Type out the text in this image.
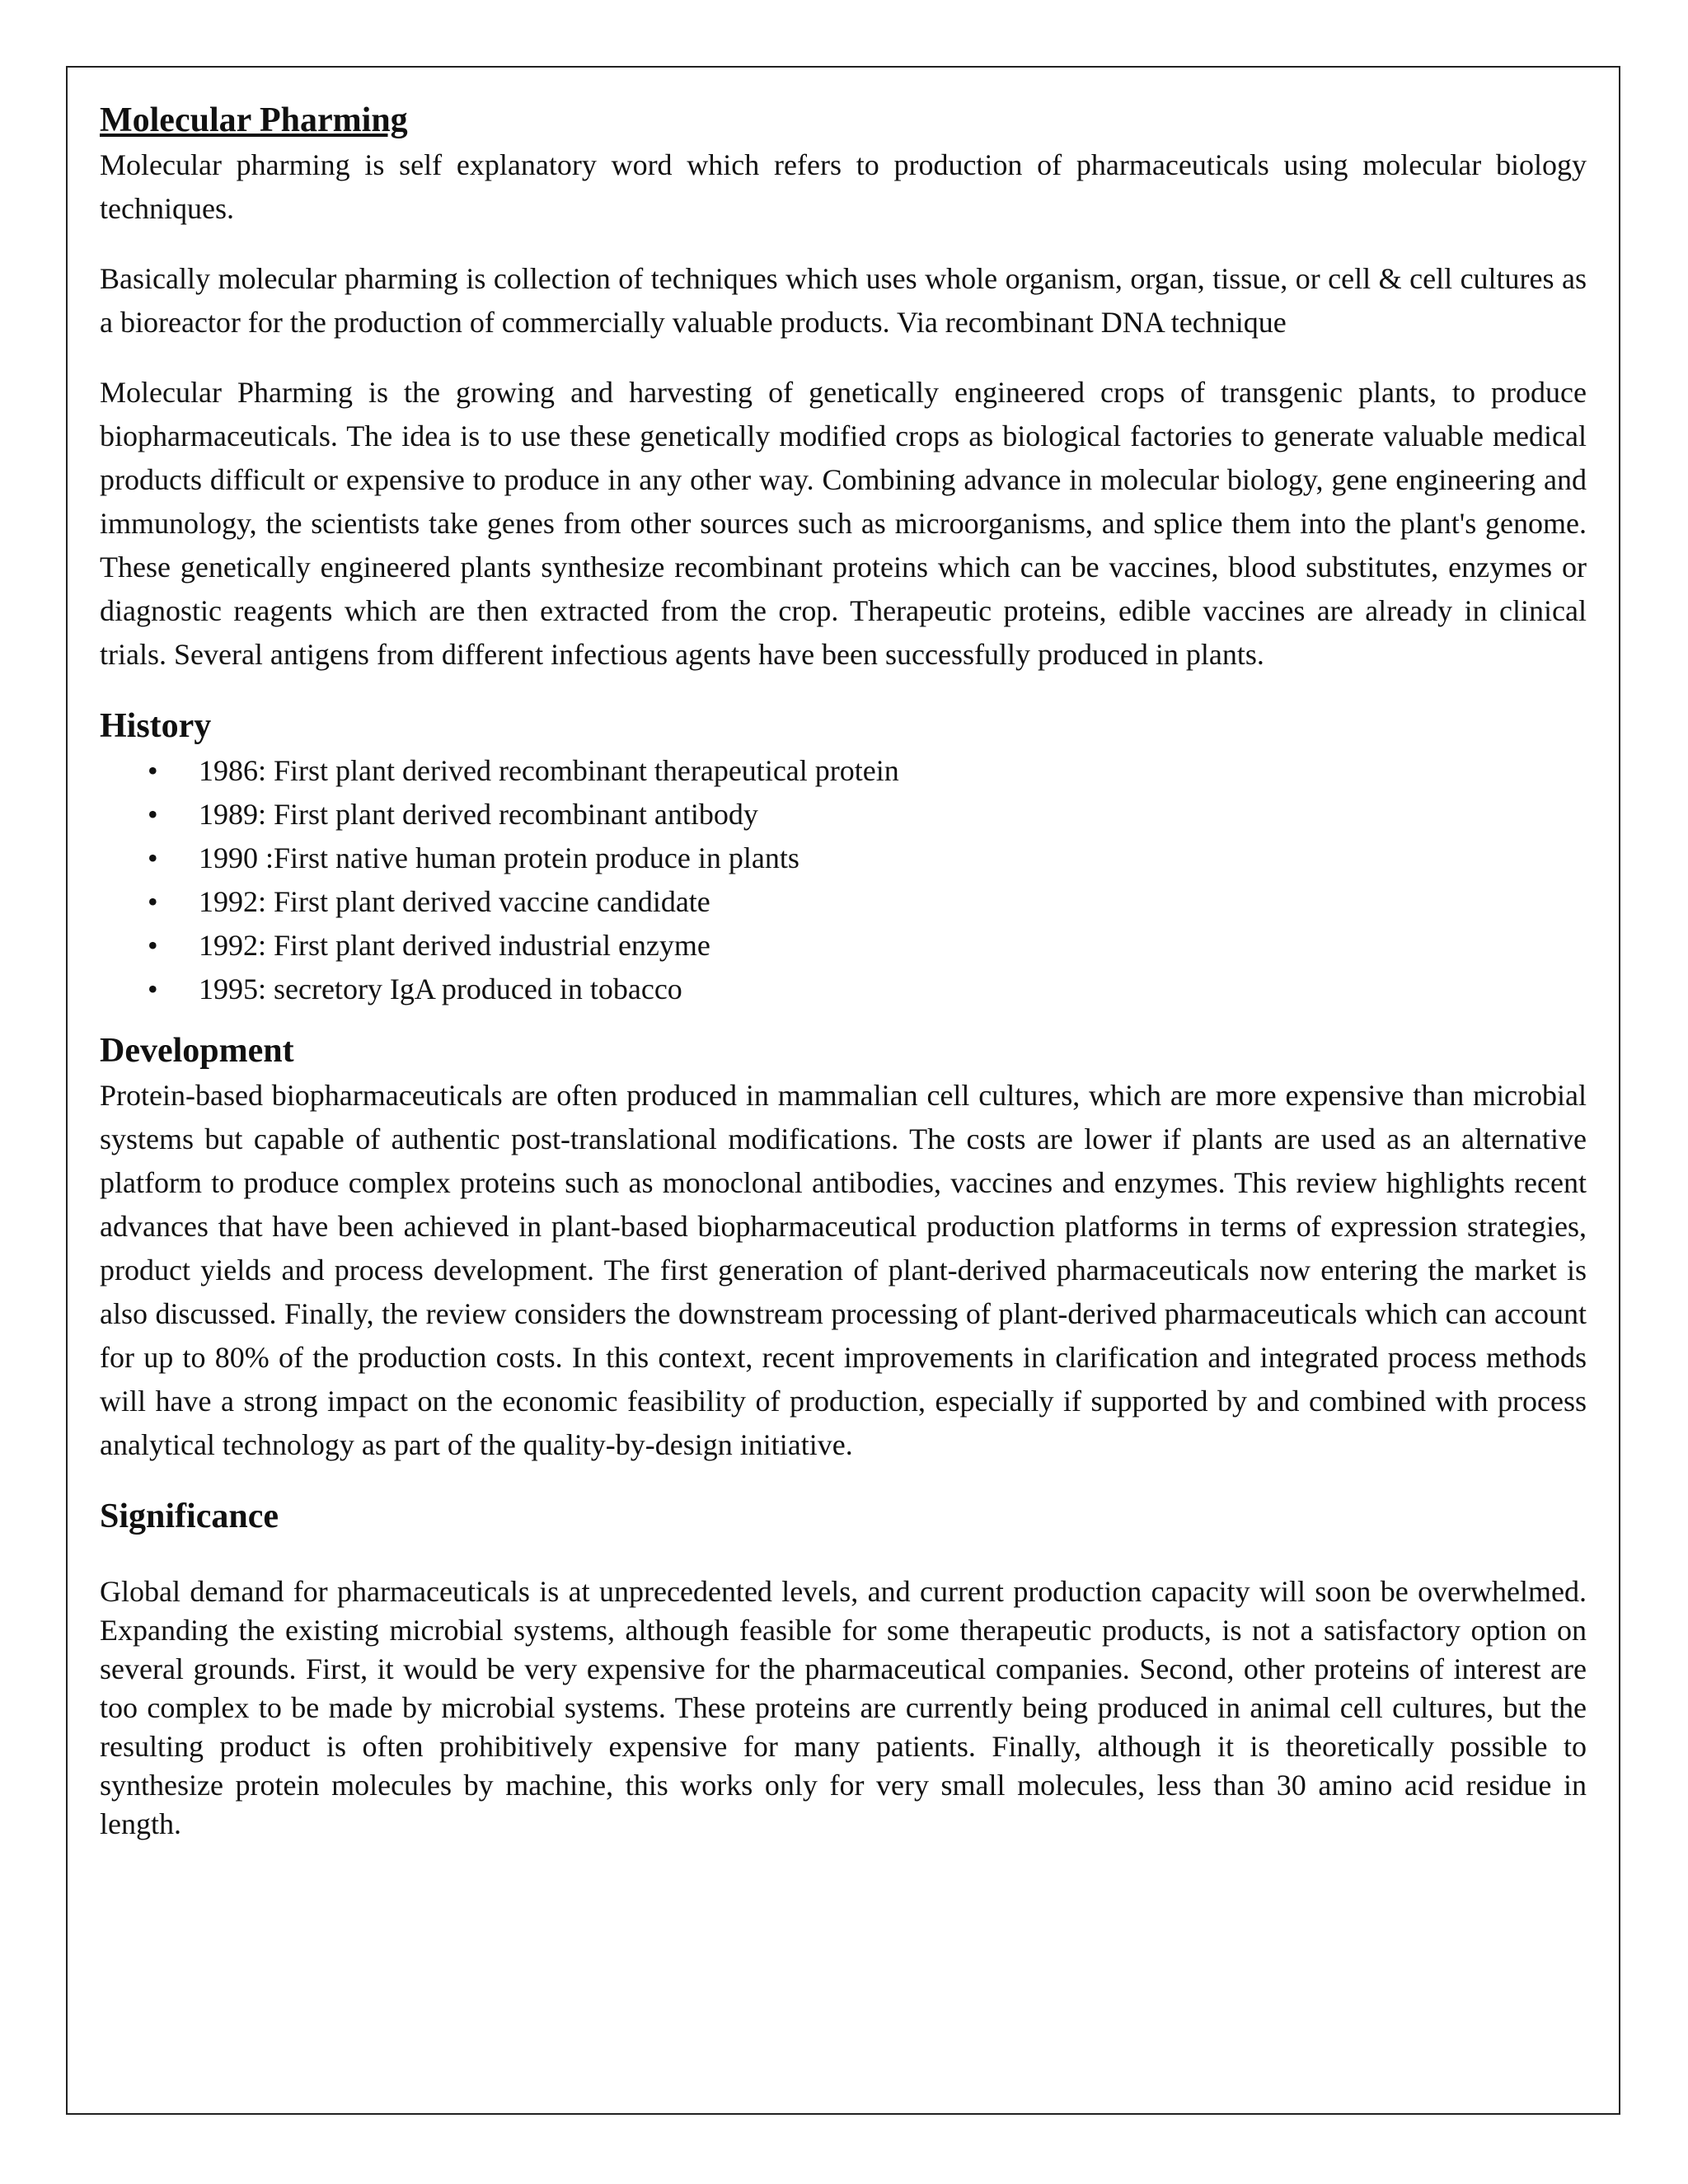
Molecular Pharming

Molecular pharming is self explanatory word which refers to production of pharmaceuticals using molecular biology techniques.

Basically molecular pharming is collection of techniques which uses whole organism, organ, tissue, or cell & cell cultures as a bioreactor for the production of commercially valuable products. Via recombinant DNA technique

Molecular Pharming is the growing and harvesting of genetically engineered crops of transgenic plants, to produce biopharmaceuticals. The idea is to use these genetically modified crops as biological factories to generate valuable medical products difficult or expensive to produce in any other way. Combining advance in molecular biology, gene engineering and immunology, the scientists take genes from other sources such as microorganisms, and splice them into the plant's genome. These genetically engineered plants synthesize recombinant proteins which can be vaccines, blood substitutes, enzymes or diagnostic reagents which are then extracted from the crop. Therapeutic proteins, edible vaccines are already in clinical trials. Several antigens from different infectious agents have been successfully produced in plants.

History
• 1986: First plant derived recombinant therapeutical protein
• 1989: First plant derived recombinant antibody
• 1990 :First native human protein produce in plants
• 1992: First plant derived vaccine candidate
• 1992: First plant derived industrial enzyme
• 1995: secretory IgA produced in tobacco
Development

Protein-based biopharmaceuticals are often produced in mammalian cell cultures, which are more expensive than microbial systems but capable of authentic post-translational modifications. The costs are lower if plants are used as an alternative platform to produce complex proteins such as monoclonal antibodies, vaccines and enzymes. This review highlights recent advances that have been achieved in plant-based biopharmaceutical production platforms in terms of expression strategies, product yields and process development. The first generation of plant-derived pharmaceuticals now entering the market is also discussed. Finally, the review considers the downstream processing of plant-derived pharmaceuticals which can account for up to 80% of the production costs. In this context, recent improvements in clarification and integrated process methods will have a strong impact on the economic feasibility of production, especially if supported by and combined with process analytical technology as part of the quality-by-design initiative.

Significance

Global demand for pharmaceuticals is at unprecedented levels, and current production capacity will soon be overwhelmed. Expanding the existing microbial systems, although feasible for some therapeutic products, is not a satisfactory option on several grounds. First, it would be very expensive for the pharmaceutical companies. Second, other proteins of interest are too complex to be made by microbial systems. These proteins are currently being produced in animal cell cultures, but the resulting product is often prohibitively expensive for many patients. Finally, although it is theoretically possible to synthesize protein molecules by machine, this works only for very small molecules, less than 30 amino acid residue in length.
